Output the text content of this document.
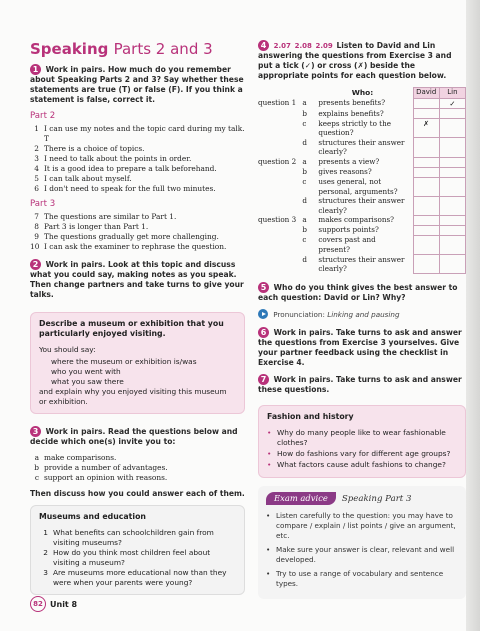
Speaking Parts 2 and 3
1 Work in pairs. How much do you remember about Speaking Parts 2 and 3? Say whether these statements are true (T) or false (F). If you think a statement is false, correct it.
Part 2
1 I can use my notes and the topic card during my talk. T
2 There is a choice of topics.
3 I need to talk about the points in order.
4 It is a good idea to prepare a talk beforehand.
5 I can talk about myself.
6 I don't need to speak for the full two minutes.
Part 3
7 The questions are similar to Part 1.
8 Part 3 is longer than Part 1.
9 The questions gradually get more challenging.
10 I can ask the examiner to rephrase the question.
2 Work in pairs. Look at this topic and discuss what you could say, making notes as you speak. Then change partners and take turns to give your talks.
Describe a museum or exhibition that you particularly enjoyed visiting.
You should say:
where the museum or exhibition is/was
who you went with
what you saw there
and explain why you enjoyed visiting this museum or exhibition.
3 Work in pairs. Read the questions below and decide which one(s) invite you to:
a make comparisons.
b provide a number of advantages.
c support an opinion with reasons.
Then discuss how you could answer each of them.
Museums and education
1 What benefits can schoolchildren gain from visiting museums?
2 How do you think most children feel about visiting a museum?
3 Are museums more educational now than they were when your parents were young?
4 2.07 2.08 2.09 Listen to David and Lin answering the questions from Exercise 3 and put a tick (✓) or cross (✗) beside the appropriate points for each question below.
		Who:	David	Lin
question 1	a	presents benefits?		✓
	b	explains benefits?		
	c	keeps strictly to the question?	✗	
	d	structures their answer clearly?		
question 2	a	presents a view?		
	b	gives reasons?		
	c	uses general, not personal, arguments?		
	d	structures their answer clearly?		
question 3	a	makes comparisons?		
	b	supports points?		
	c	covers past and present?		
	d	structures their answer clearly?		
5 Who do you think gives the best answer to each question: David or Lin? Why?
Pronunciation: Linking and pausing
6 Work in pairs. Take turns to ask and answer the questions from Exercise 3 yourselves. Give your partner feedback using the checklist in Exercise 4.
7 Work in pairs. Take turns to ask and answer these questions.
Fashion and history
• Why do many people like to wear fashionable clothes?
• How do fashions vary for different age groups?
• What factors cause adult fashions to change?
Exam advice	Speaking Part 3
• Listen carefully to the question: you may have to compare / explain / list points / give an argument, etc.
• Make sure your answer is clear, relevant and well developed.
• Try to use a range of vocabulary and sentence types.
82 Unit 8
